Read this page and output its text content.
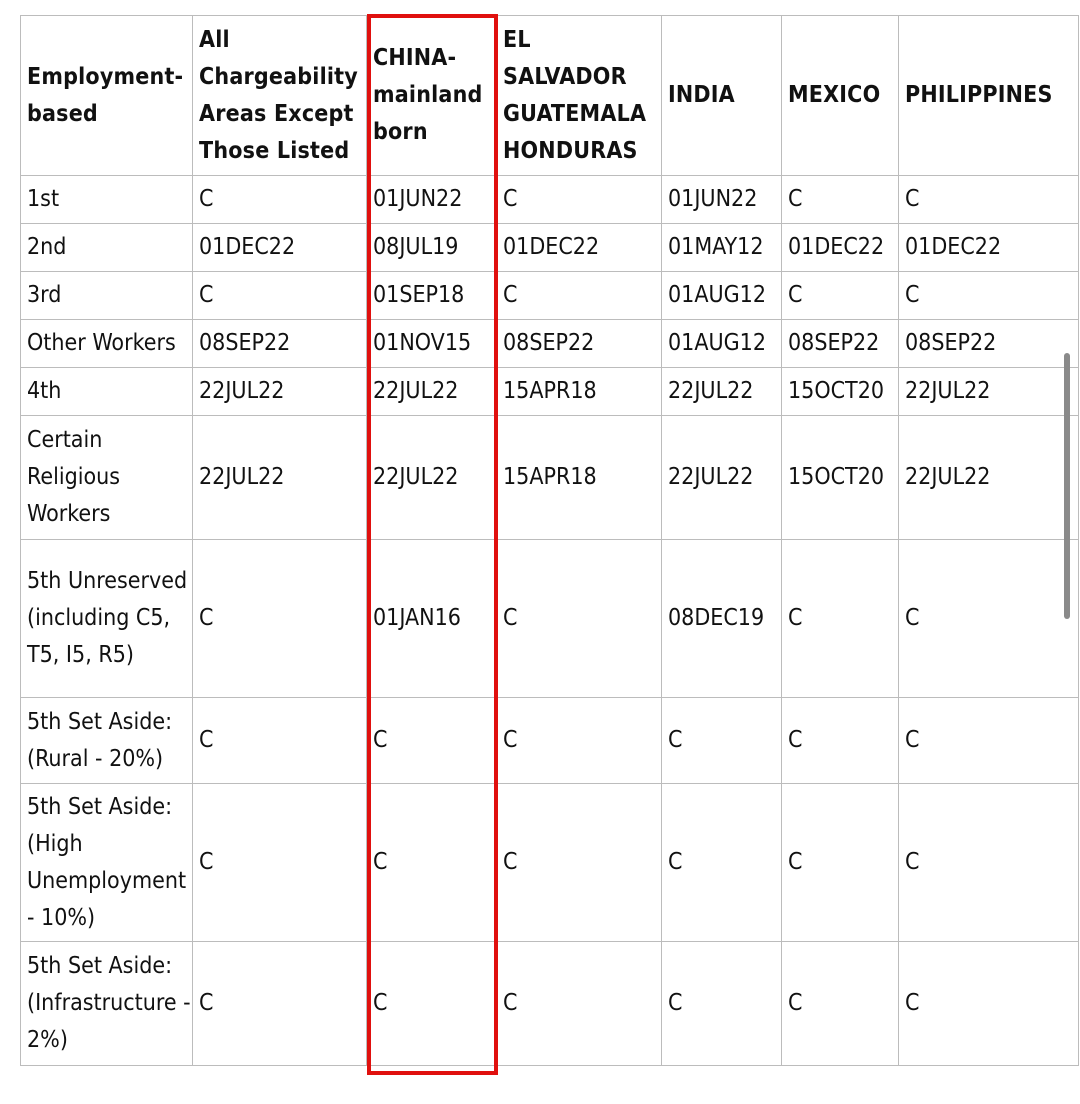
Employment-based	All Chargeability Areas Except Those Listed	CHINA-mainland born	EL SALVADOR GUATEMALA HONDURAS	INDIA	MEXICO	PHILIPPINES
1st	C	01JUN22	C	01JUN22	C	C
2nd	01DEC22	08JUL19	01DEC22	01MAY12	01DEC22	01DEC22
3rd	C	01SEP18	C	01AUG12	C	C
Other Workers	08SEP22	01NOV15	08SEP22	01AUG12	08SEP22	08SEP22
4th	22JUL22	22JUL22	15APR18	22JUL22	15OCT20	22JUL22
Certain Religious Workers	22JUL22	22JUL22	15APR18	22JUL22	15OCT20	22JUL22
5th Unreserved (including C5, T5, I5, R5)	C	01JAN16	C	08DEC19	C	C
5th Set Aside: (Rural - 20%)	C	C	C	C	C	C
5th Set Aside: (High Unemployment - 10%)	C	C	C	C	C	C
5th Set Aside: (Infrastructure - 2%)	C	C	C	C	C	C
